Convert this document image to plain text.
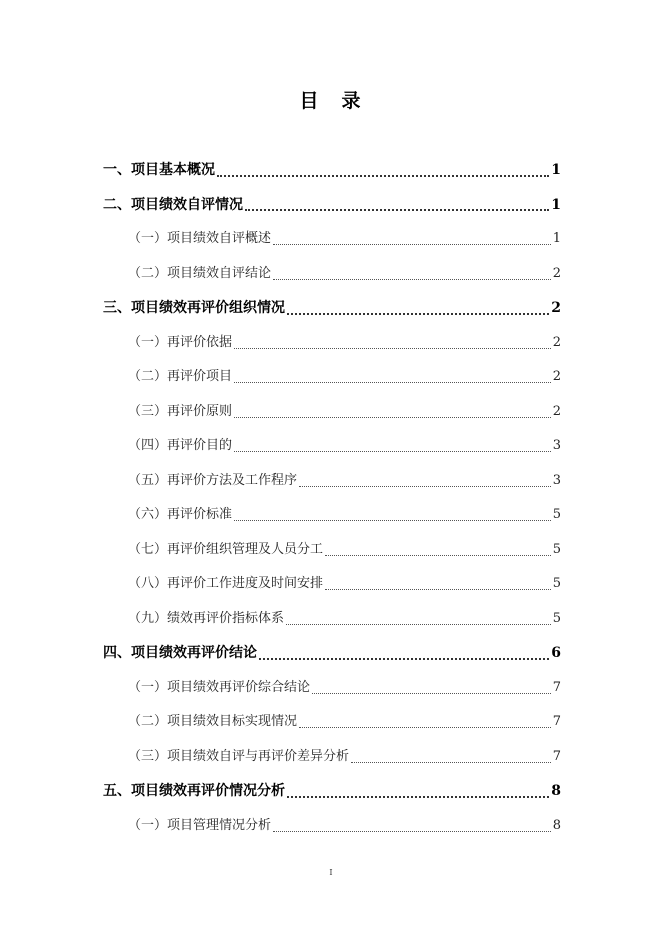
目　录
一、项目基本概况	1
二、项目绩效自评情况	1
（一）项目绩效自评概述	1
（二）项目绩效自评结论	2
三、项目绩效再评价组织情况	2
（一）再评价依据	2
（二）再评价项目	2
（三）再评价原则	2
（四）再评价目的	3
（五）再评价方法及工作程序	3
（六）再评价标准	5
（七）再评价组织管理及人员分工	5
（八）再评价工作进度及时间安排	5
（九）绩效再评价指标体系	5
四、项目绩效再评价结论	6
（一）项目绩效再评价综合结论	7
（二）项目绩效目标实现情况	7
（三）项目绩效自评与再评价差异分析	7
五、项目绩效再评价情况分析	8
（一）项目管理情况分析	8
I
